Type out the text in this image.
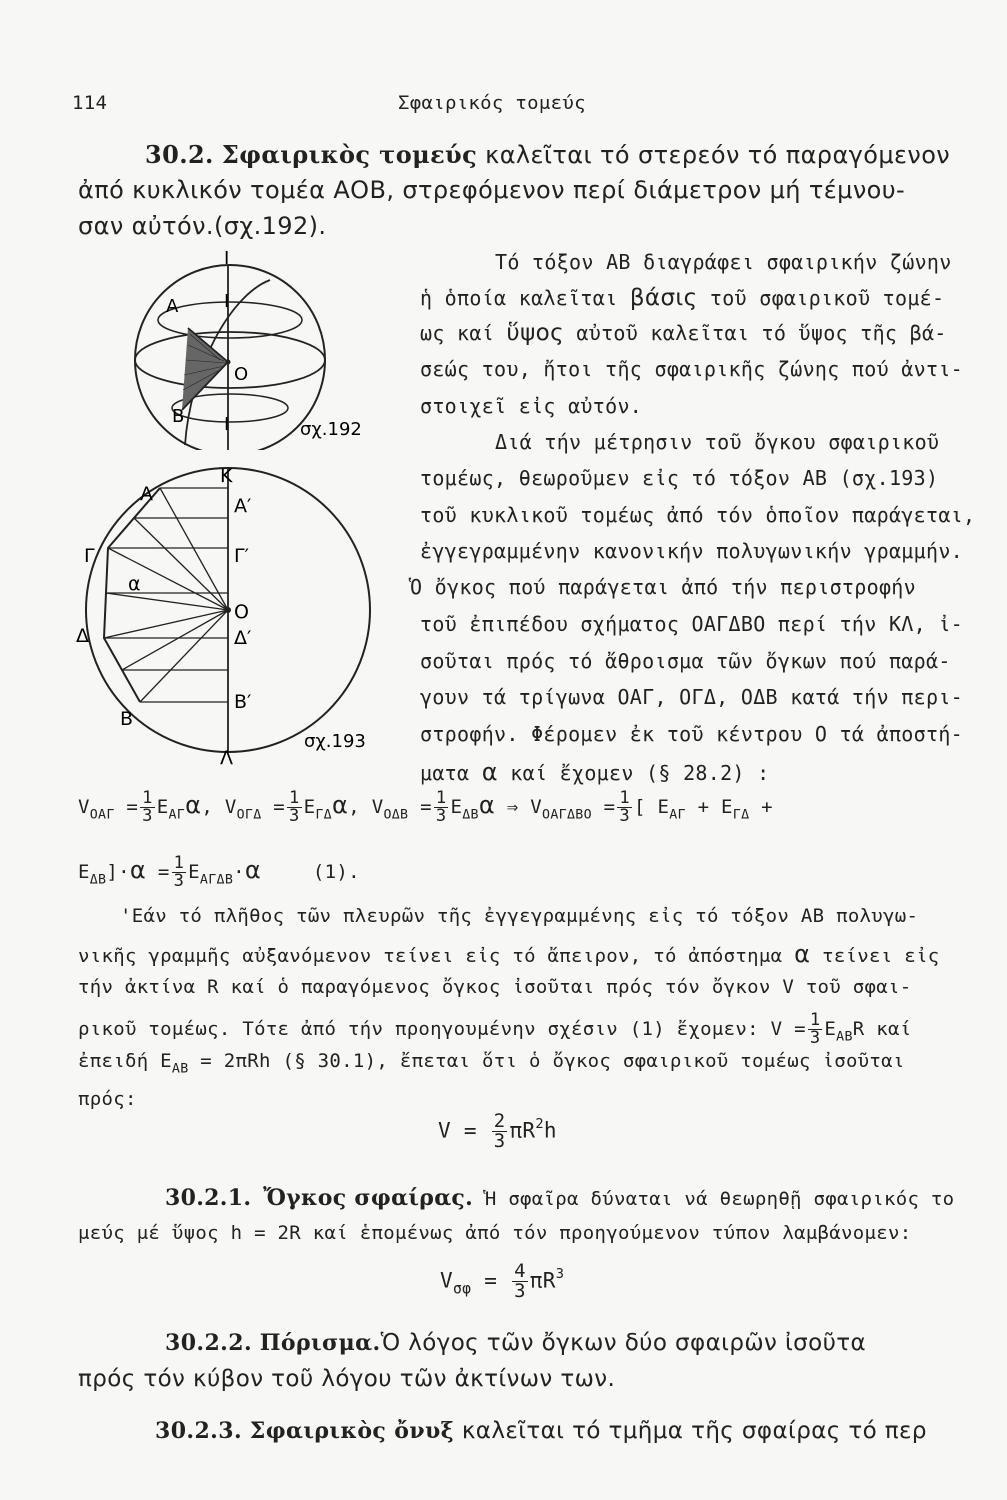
114	Σφαιρικός τομεύς
30.2. Σφαιρικὸς τομεύς καλεῖται τό στερεόν τό παραγόμενον
ἀπό κυκλικόν τομέα ΑΟΒ, στρεφόμενον περί διάμετρον μή τέμνου-
σαν αὐτόν.(σχ.192).
Τό τόξον ΑΒ διαγράφει σφαιρικήν ζώνην
ἡ ὁποία καλεῖται βάσις τοῦ σφαιρικοῦ τομέ-
ως καί ὕψος αὐτοῦ καλεῖται τό ὕψος τῆς βά-
σεώς του, ἤτοι τῆς σφαιρικῆς ζώνης πού ἀντι-
στοιχεῖ εἰς αὐτόν.
Διά τήν μέτρησιν τοῦ ὄγκου σφαιρικοῦ
τομέως, θεωροῦμεν εἰς τό τόξον ΑΒ (σχ.193)
τοῦ κυκλικοῦ τομέως ἀπό τόν ὁποῖον παράγεται,
ἐγγεγραμμένην κανονικήν πολυγωνικήν γραμμήν.
Ὁ ὄγκος πού παράγεται ἀπό τήν περιστροφήν
τοῦ ἐπιπέδου σχήματος ΟΑΓΔΒΟ περί τήν ΚΛ, ἰ-
σοῦται πρός τό ἄθροισμα τῶν ὄγκων πού παρά-
γουν τά τρίγωνα ΟΑΓ, ΟΓΔ, ΟΔΒ κατά τήν περι-
στροφήν. Φέρομεν ἐκ τοῦ κέντρου Ο τά ἀποστή-
ματα α καί ἔχομεν (§ 28.2) :
Ι
Α	Ι
Ο
Β Ι	σχ.192
Κ
Α
Α′
Γ	Γ′
α
Ο
Δ	Δ′
Β
Β′
Λ
σχ.193
$V_{OA\Gamma} = \frac{1}{3} E_{A\Gamma}\alpha$, $V_{O\Gamma\Delta} = \frac{1}{3} E_{\Gamma\Delta}\alpha$, $V_{O\Delta B} = \frac{1}{3} E_{\Delta B}\alpha$ ⇒ $V_{OA\Gamma\Delta BO} = \frac{1}{3}$ [ $E_{A\Gamma} + E_{\Gamma\Delta}$ +
$E_{\Delta B}]\cdot\alpha = \frac{1}{3} E_{A\Gamma\Delta B}\cdot\alpha$	(1).
'Εάν τό πλῆθος τῶν πλευρῶν τῆς ἐγγεγραμμένης εἰς τό τόξον ΑΒ πολυγω-
νικῆς γραμμῆς αὐξανόμενον τείνει εἰς τό ἄπειρον, τό ἀπόστημα α τείνει εἰς
τήν ἀκτίνα R καί ὁ παραγόμενος ὄγκος ἰσοῦται πρός τόν ὄγκον V τοῦ σφαι-
ρικοῦ τομέως. Τότε ἀπό τήν προηγουμένην σχέσιν (1) ἔχομεν: $V = \frac{1}{3} E_{AB}R$ καί
ἐπειδή $E_{AB} = 2\pi Rh$ (§ 30.1), ἔπεται ὅτι ὁ ὄγκος σφαιρικοῦ τομέως ἰσοῦται
πρός:
$V = \frac{2}{3} \pi R^2h$
30.2.1. Ὄγκος σφαίρας. Ἡ σφαῖρα δύναται νά θεωρηθῇ σφαιρικός το
μεύς μέ ὕψος h = 2R καί ἑπομένως ἀπό τόν προηγούμενον τύπον λαμβάνομεν:
$V_{\sigma\varphi} = \frac{4}{3} \pi R^3$
30.2.2. Πόρισμα.Ὁ λόγος τῶν ὄγκων δύο σφαιρῶν ἰσοῦτα
πρός τόν κύβον τοῦ λόγου τῶν ἀκτίνων των.
30.2.3. Σφαιρικὸς ὄνυξ καλεῖται τό τμῆμα τῆς σφαίρας τό περ
